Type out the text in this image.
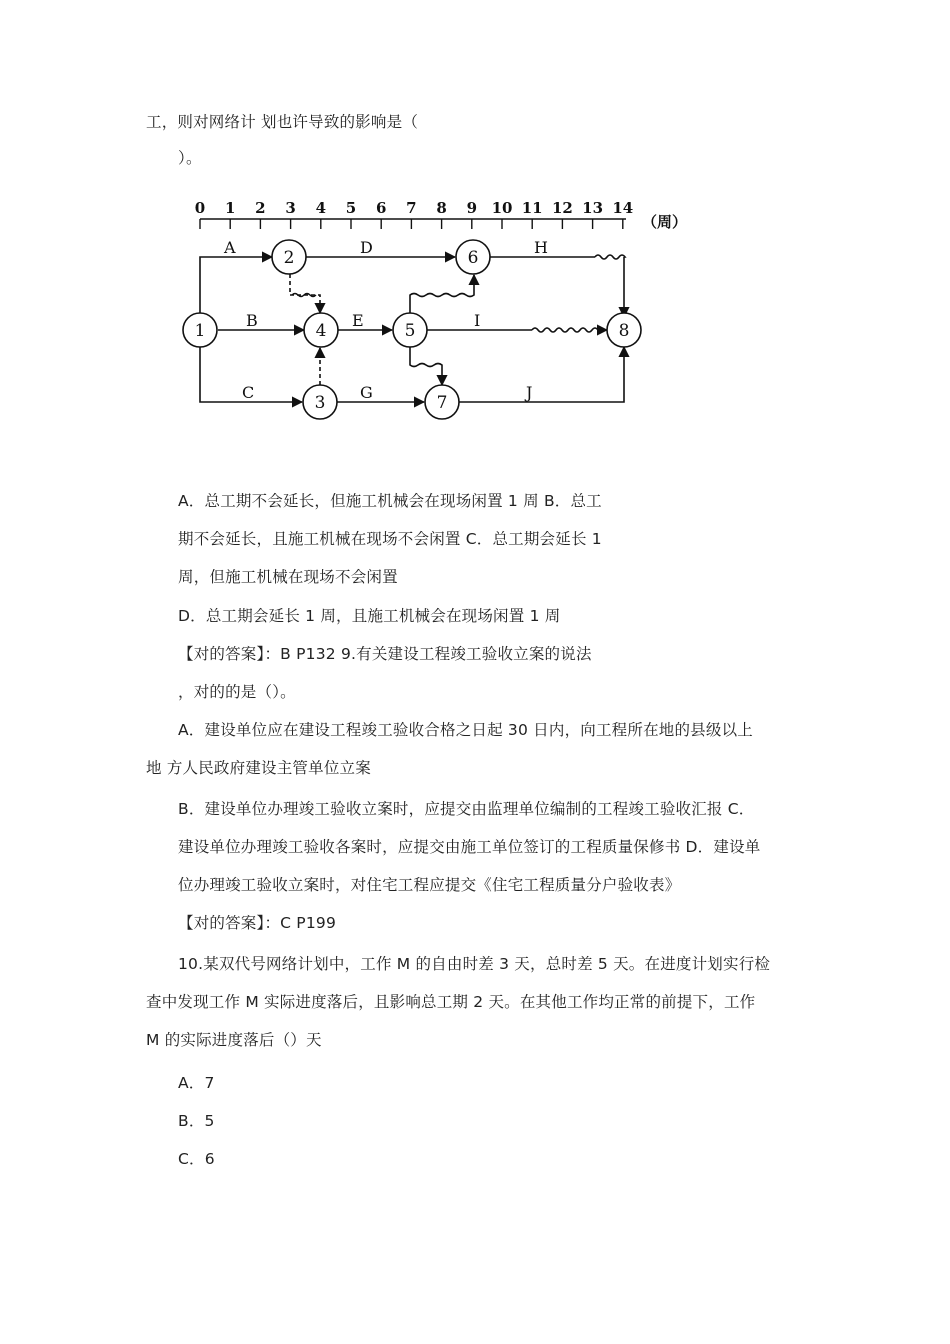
工，则对网络计 划也许导致的影响是（
）。
0 1 2 3 4 5 6 7 8 9 10 11 12 13 14
（周）
A	D	H
B	E	I
C	G	J
1
2
3
4	5
6
7
8
A．总工期不会延长，但施工机械会在现场闲置 1 周 B．总工
期不会延长，且施工机械在现场不会闲置 C．总工期会延长 1
周，但施工机械在现场不会闲置
D．总工期会延长 1 周，且施工机械会在现场闲置 1 周
【对的答案】：B P132 9.有关建设工程竣工验收立案的说法
，对的的是（）。
A．建设单位应在建设工程竣工验收合格之日起 30 日内，向工程所在地的县级以上
地 方人民政府建设主管单位立案
B．建设单位办理竣工验收立案时，应提交由监理单位编制的工程竣工验收汇报 C．
建设单位办理竣工验收各案时，应提交由施工单位签订的工程质量保修书 D．建设单
位办理竣工验收立案时，对住宅工程应提交《住宅工程质量分户验收表》
【对的答案】：C P199
10.某双代号网络计划中，工作 M 的自由时差 3 天，总时差 5 天。在进度计划实行检
查中发现工作 M 实际进度落后，且影响总工期 2 天。在其他工作均正常的前提下，工作
M 的实际进度落后（）天
A．7
B．5
C．6
